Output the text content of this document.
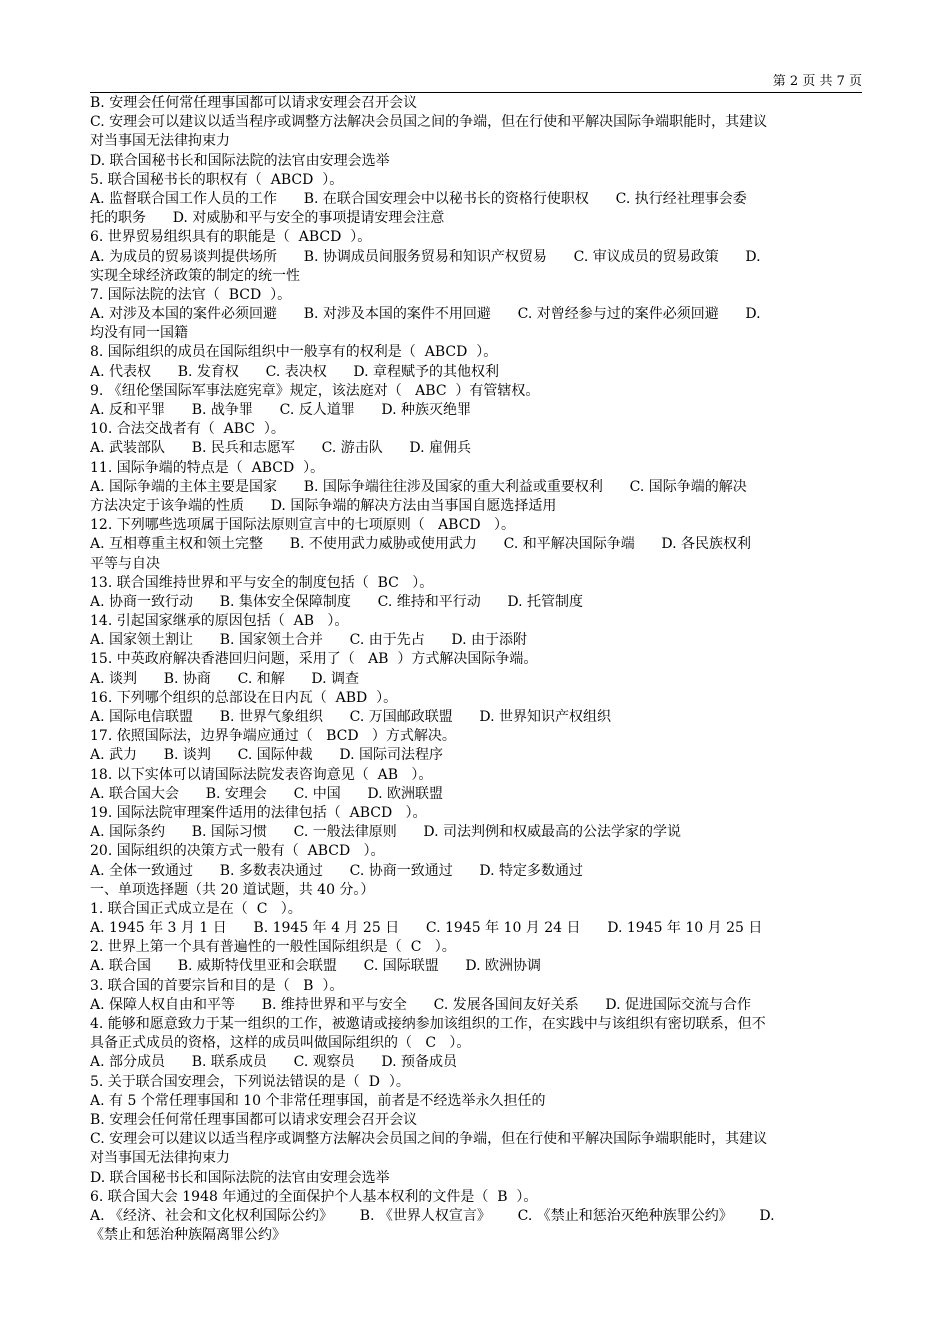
第 2 页 共 7 页
B. 安理会任何常任理事国都可以请求安理会召开会议
C. 安理会可以建议以适当程序或调整方法解决会员国之间的争端，但在行使和平解决国际争端职能时，其建议
对当事国无法律拘束力
D. 联合国秘书长和国际法院的法官由安理会选举
5. 联合国秘书长的职权有（  ABCD  ）。
A. 监督联合国工作人员的工作      B. 在联合国安理会中以秘书长的资格行使职权      C. 执行经社理事会委
托的职务      D. 对威胁和平与安全的事项提请安理会注意
6. 世界贸易组织具有的职能是（  ABCD  ）。
A. 为成员的贸易谈判提供场所      B. 协调成员间服务贸易和知识产权贸易      C. 审议成员的贸易政策      D.
实现全球经济政策的制定的统一性
7. 国际法院的法官（  BCD  ）。
A. 对涉及本国的案件必须回避      B. 对涉及本国的案件不用回避      C. 对曾经参与过的案件必须回避      D.
均没有同一国籍
8. 国际组织的成员在国际组织中一般享有的权利是（  ABCD  ）。
A. 代表权      B. 发育权      C. 表决权      D. 章程赋予的其他权利
9. 《纽伦堡国际军事法庭宪章》规定，该法庭对（   ABC  ）有管辖权。
A. 反和平罪      B. 战争罪      C. 反人道罪      D. 种族灭绝罪
10. 合法交战者有（  ABC  ）。
A. 武装部队      B. 民兵和志愿军      C. 游击队      D. 雇佣兵
11. 国际争端的特点是（  ABCD  ）。
A. 国际争端的主体主要是国家      B. 国际争端往往涉及国家的重大利益或重要权利      C. 国际争端的解决
方法决定于该争端的性质      D. 国际争端的解决方法由当事国自愿选择适用
12. 下列哪些选项属于国际法原则宣言中的七项原则（   ABCD   ）。
A. 互相尊重主权和领土完整      B. 不使用武力威胁或使用武力      C. 和平解决国际争端      D. 各民族权利
平等与自决
13. 联合国维持世界和平与安全的制度包括（  BC   ）。
A. 协商一致行动      B. 集体安全保障制度      C. 维持和平行动      D. 托管制度
14. 引起国家继承的原因包括（  AB   ）。
A. 国家领土割让      B. 国家领土合并      C. 由于先占      D. 由于添附
15. 中英政府解决香港回归问题，采用了（   AB  ）方式解决国际争端。
A. 谈判      B. 协商      C. 和解      D. 调查
16. 下列哪个组织的总部设在日内瓦（  ABD  ）。
A. 国际电信联盟      B. 世界气象组织      C. 万国邮政联盟      D. 世界知识产权组织
17. 依照国际法，边界争端应通过（   BCD   ）方式解决。
A. 武力      B. 谈判      C. 国际仲裁      D. 国际司法程序
18. 以下实体可以请国际法院发表咨询意见（  AB   ）。
A. 联合国大会      B. 安理会      C. 中国      D. 欧洲联盟
19. 国际法院审理案件适用的法律包括（  ABCD   ）。
A. 国际条约      B. 国际习惯      C. 一般法律原则      D. 司法判例和权威最高的公法学家的学说
20. 国际组织的决策方式一般有（  ABCD   ）。
A. 全体一致通过      B. 多数表决通过      C. 协商一致通过      D. 特定多数通过
一、单项选择题（共 20 道试题，共 40 分。）
1. 联合国正式成立是在（  C   ）。
A. 1945 年 3 月 1 日      B. 1945 年 4 月 25 日      C. 1945 年 10 月 24 日      D. 1945 年 10 月 25 日
2. 世界上第一个具有普遍性的一般性国际组织是（  C   ）。
A. 联合国      B. 威斯特伐里亚和会联盟      C. 国际联盟      D. 欧洲协调
3. 联合国的首要宗旨和目的是（   B  ）。
A. 保障人权自由和平等      B. 维持世界和平与安全      C. 发展各国间友好关系      D. 促进国际交流与合作
4. 能够和愿意致力于某一组织的工作，被邀请或接纳参加该组织的工作，在实践中与该组织有密切联系，但不
具备正式成员的资格，这样的成员叫做国际组织的（   C   ）。
A. 部分成员      B. 联系成员      C. 观察员      D. 预备成员
5. 关于联合国安理会，下列说法错误的是（  D  ）。
A. 有 5 个常任理事国和 10 个非常任理事国，前者是不经选举永久担任的
B. 安理会任何常任理事国都可以请求安理会召开会议
C. 安理会可以建议以适当程序或调整方法解决会员国之间的争端，但在行使和平解决国际争端职能时，其建议
对当事国无法律拘束力
D. 联合国秘书长和国际法院的法官由安理会选举
6. 联合国大会 1948 年通过的全面保护个人基本权利的文件是（  B  ）。
A. 《经济、社会和文化权利国际公约》      B. 《世界人权宣言》      C. 《禁止和惩治灭绝种族罪公约》      D.
《禁止和惩治种族隔离罪公约》
